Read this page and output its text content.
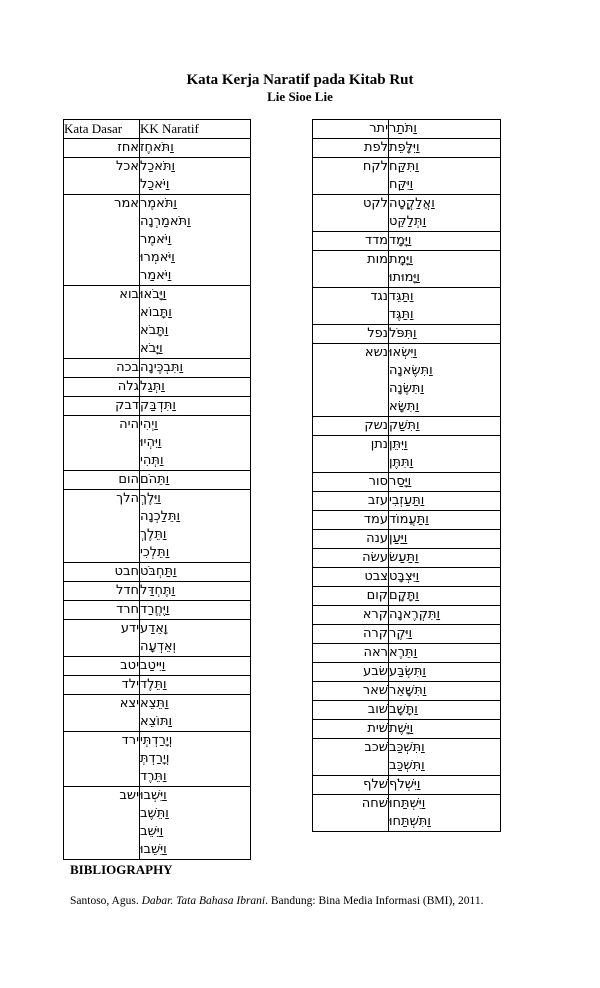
Kata Kerja Naratif pada Kitab Rut
Lie Sioe Lie
Kata Dasar	KK Naratif
אחז	וַתֹּאחֶז

אכל	וַתֹּאכַל
וַיֹּאכַל

אמר	וַתֹּאמֶר
וַתֹּאמַרְנָה
וַיֹּאמֶר
וַיֹּאמְרוּ
וַיֹּאמַר

בוא	וַיָּבֹאוּ
וַתָּבוֹא
וַתָּבֹא
וַיָּבֹא

בכה	וַתִּבְכֶּינָה

גלה	וַתְּגַל

דבק	וַתִּדְבַּק

היה	וַיְהִי
וַיִּהְיוּ
וַתְּהִי

הום	וַתֵּהֹם

הלך	וַיֵּלֶךְ
וַתֵּלַכְנָה
וַתֵּלֶךְ
וַתֵּלְכִי

חבט	וַתַּחְבֹּט

חדל	וַתֶּחְדַּל

חרד	וַיֶּחֱרַד

ידע	וָאֵדַע
וְאֵדְעָה

יטב	וַיִּיטַב

ילד	וַתֵּלֶד

יצא	וַתֵּצֵא
וַתּוֹצֵא

ירד	וְיָרַדְתְּי
וְיָרַדְתְּ
וַתֵּרֶד

ישב	וַיֵּשְׁבוּ
וַתֵּשֶׁב
וַיֵּשֵׁב
וַיֵּשֵׁבוּ
יתר	וַתֹּתַר

לפת	וַיִּלָּפֵת

לקח	וַתִּקַּח
וַיִּקַּח

לקט	וַאֲלַקֳטָה
וַתְּלַקֵּט

מדד	וַיָּמָד

מות	וַיָּמָת
וַיָּמוּתוּ

נגד	וַתַּגֵּד
וַתַּגֶּד

נפל	וַתִּפֹּל

נשא	וַיִּשְׂאוּ
וַתִּשֶּׂאנָה
וַתִּשֶּׂנָה
וַתִּשָּׂא

נשק	וַתִּשַּׁק

נתן	וַיִּתֵּן
וַתִּתֶּן

סור	וַיָּסַר

עזב	וַתַּעַזְבִי

עמד	וַתַּעֲמוֹד

ענה	וַיַּעַן

עשׂה	וַתַּעַשׂ

צבט	וַיִּצְבָּט

קום	וַתָּקָם

קרא	וַתִּקְרֶאנָה

קרה	וַיִּקֶר

ראה	וַתֵּרֶא

שׂבע	וַתִּשְׂבַּע

שׁאר	וַתִּשָּׁאֵר

שׁוב	וַתָּשָׁב

שׁית	וַיָּשֶׁת

שׁכב	וַתִּשְׁכַּב
וַתִּשְׁכַּב

שׁלף	וַיִּשְׁלֹף

שׁחה	וַיִּשְׁתַּחוּ
וַתִּשְׁתַּחוּ
BIBLIOGRAPHY
Santoso, Agus. Dabar. Tata Bahasa Ibrani. Bandung: Bina Media Informasi (BMI), 2011.
